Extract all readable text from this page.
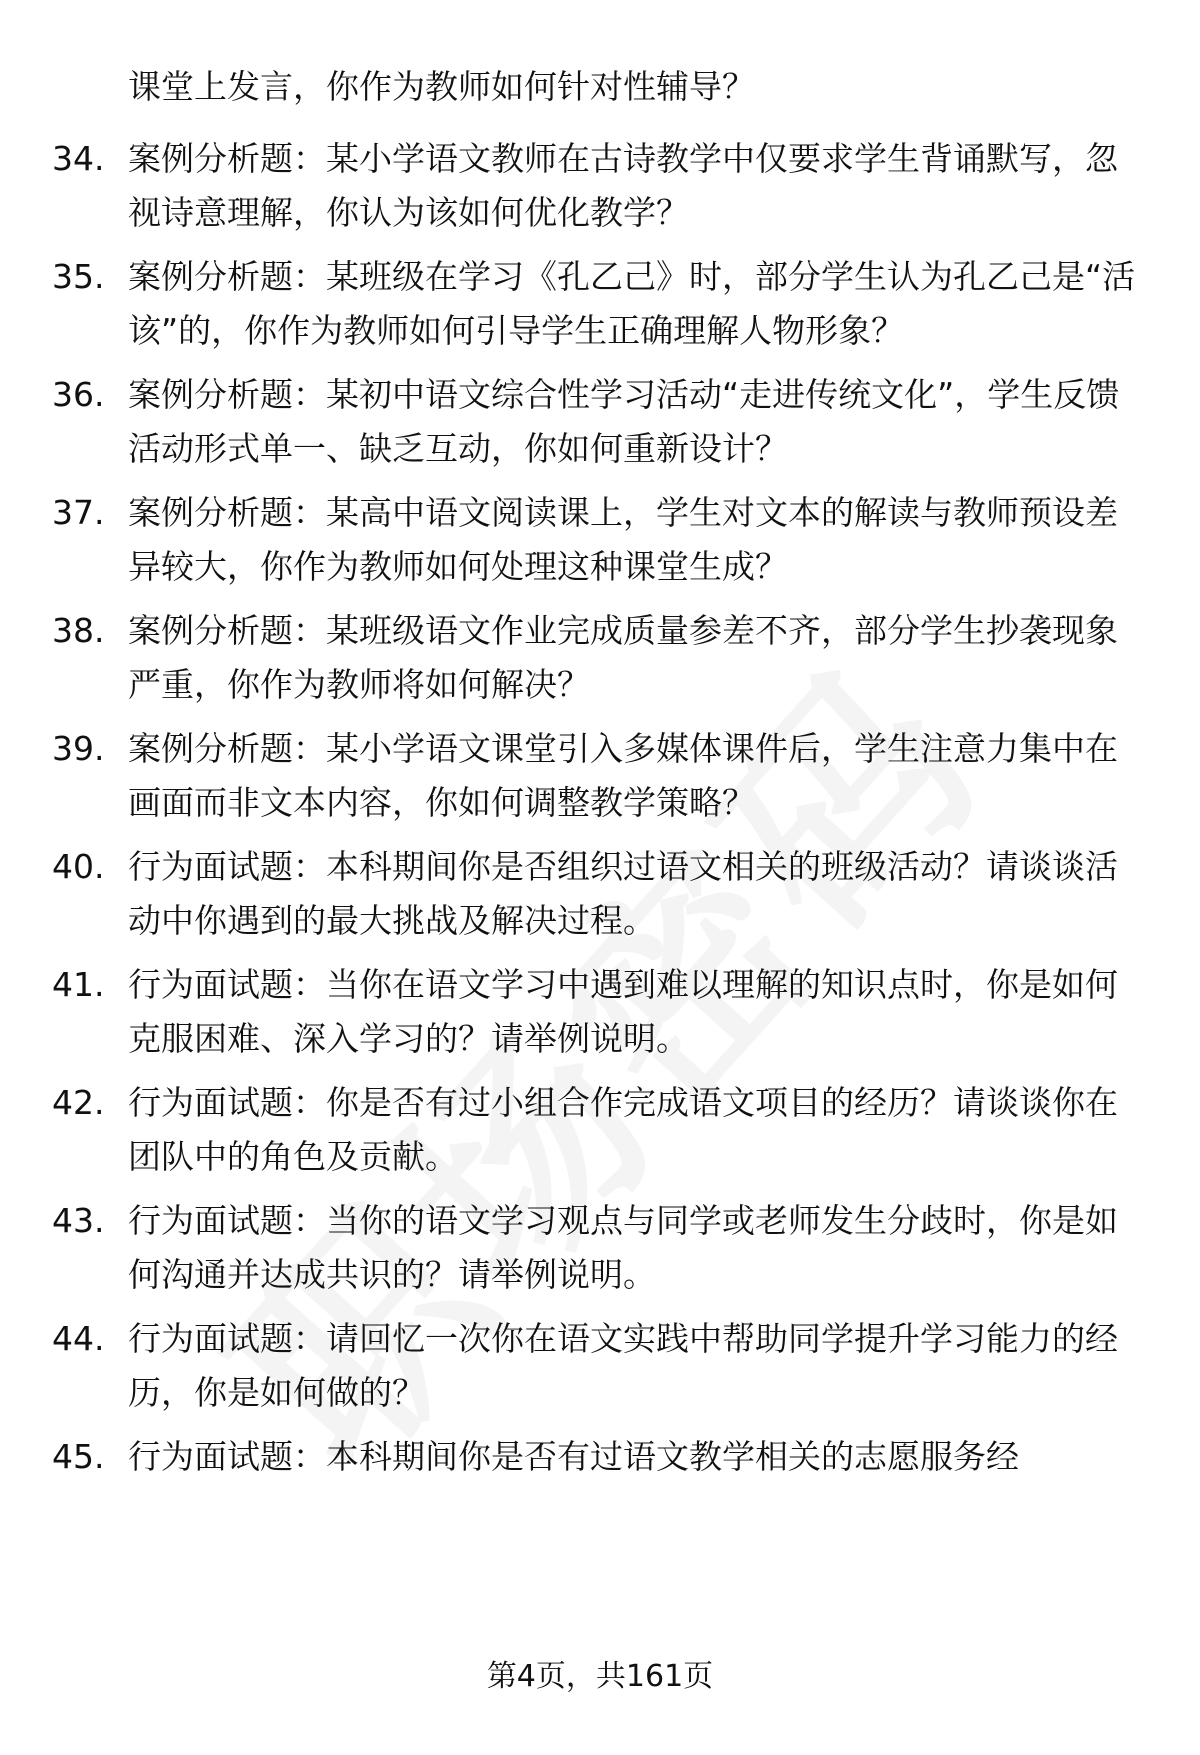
课堂上发言，你作为教师如何针对性辅导？
34. 案例分析题：某小学语文教师在古诗教学中仅要求学生背诵默写，忽视诗意理解，你认为该如何优化教学？
35. 案例分析题：某班级在学习《孔乙己》时，部分学生认为孔乙己是“活该”的，你作为教师如何引导学生正确理解人物形象？
36. 案例分析题：某初中语文综合性学习活动“走进传统文化”，学生反馈活动形式单一、缺乏互动，你如何重新设计？
37. 案例分析题：某高中语文阅读课上，学生对文本的解读与教师预设差异较大，你作为教师如何处理这种课堂生成？
38. 案例分析题：某班级语文作业完成质量参差不齐，部分学生抄袭现象严重，你作为教师将如何解决？
39. 案例分析题：某小学语文课堂引入多媒体课件后，学生注意力集中在画面而非文本内容，你如何调整教学策略？
40. 行为面试题：本科期间你是否组织过语文相关的班级活动？请谈谈活动中你遇到的最大挑战及解决过程。
41. 行为面试题：当你在语文学习中遇到难以理解的知识点时，你是如何克服困难、深入学习的？请举例说明。
42. 行为面试题：你是否有过小组合作完成语文项目的经历？请谈谈你在团队中的角色及贡献。
43. 行为面试题：当你的语文学习观点与同学或老师发生分歧时，你是如何沟通并达成共识的？请举例说明。
44. 行为面试题：请回忆一次你在语文实践中帮助同学提升学习能力的经历，你是如何做的？
45. 行为面试题：本科期间你是否有过语文教学相关的志愿服务经
第4页，共161页
